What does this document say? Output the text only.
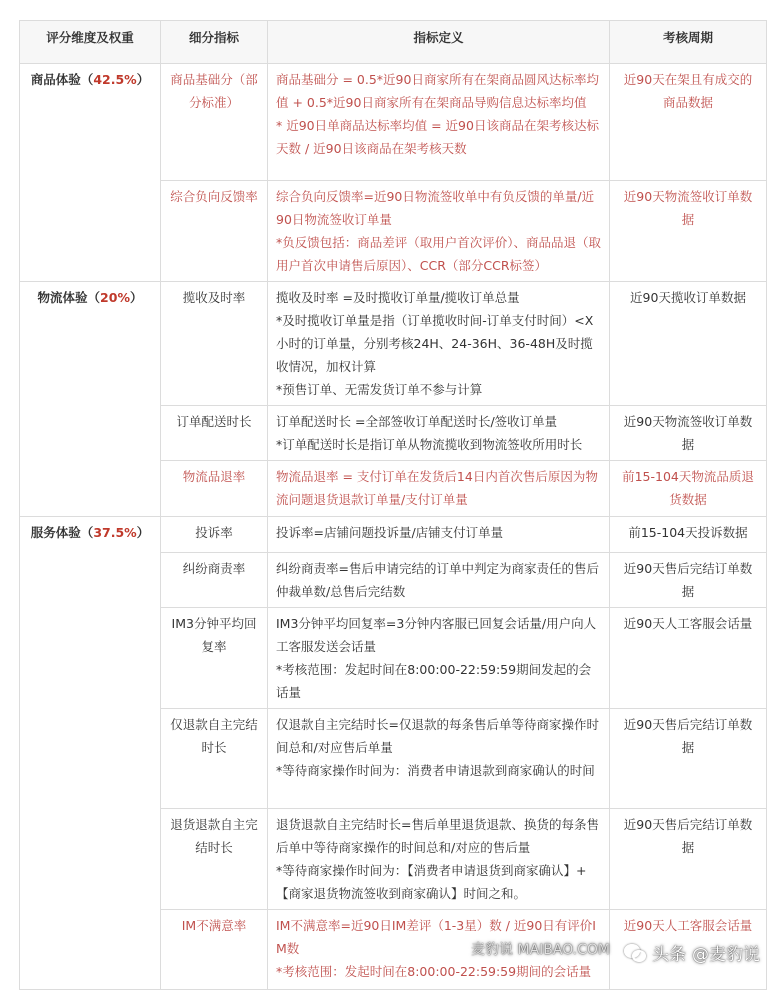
评分维度及权重	细分指标	指标定义	考核周期
商品体验（42.5%）	商品基础分（部分标准）	商品基础分 = 0.5*近90日商家所有在架商品圆风达标率均值 + 0.5*近90日商家所有在架商品导购信息达标率均值

* 近90日单商品达标率均值 = 近90日该商品在架考核达标天数 / 近90日该商品在架考核天数	近90天在架且有成交的商品数据
	综合负向反馈率	综合负向反馈率=近90日物流签收单中有负反馈的单量/近90日物流签收订单量

*负反馈包括：商品差评（取用户首次评价）、商品品退（取用户首次申请售后原因）、CCR（部分CCR标签）	近90天物流签收订单数据
物流体验（20%）	揽收及时率	揽收及时率 =及时揽收订单量/揽收订单总量

*及时揽收订单量是指（订单揽收时间-订单支付时间）<X小时的订单量，分别考核24H、24-36H、36-48H及时揽收情况，加权计算

*预售订单、无需发货订单不参与计算	近90天揽收订单数据
	订单配送时长	订单配送时长 =全部签收订单配送时长/签收订单量

*订单配送时长是指订单从物流揽收到物流签收所用时长	近90天物流签收订单数据
	物流品退率	物流品退率 = 支付订单在发货后14日内首次售后原因为物流问题退货退款订单量/支付订单量	前15-104天物流品质退货数据
服务体验（37.5%）	投诉率	投诉率=店铺问题投诉量/店铺支付订单量	前15-104天投诉数据
	纠纷商责率	纠纷商责率=售后申请完结的订单中判定为商家责任的售后仲裁单数/总售后完结数	近90天售后完结订单数据
	IM3分钟平均回复率	IM3分钟平均回复率=3分钟内客服已回复会话量/用户向人工客服发送会话量

*考核范围：发起时间在8:00:00-22:59:59期间发起的会话量	近90天人工客服会话量
	仅退款自主完结时长	仅退款自主完结时长=仅退款的每条售后单等待商家操作时间总和/对应售后单量

*等待商家操作时间为：消费者申请退款到商家确认的时间	近90天售后完结订单数据
	退货退款自主完结时长	退货退款自主完结时长=售后单里退货退款、换货的每条售后单中等待商家操作的时间总和/对应的售后量

*等待商家操作时间为：【消费者申请退货到商家确认】+【商家退货物流签收到商家确认】时间之和。	近90天售后完结订单数据
	IM不满意率	IM不满意率=近90日IM差评（1-3星）数 / 近90日有评价IM数

*考核范围：发起时间在8:00:00-22:59:59期间的会话量	近90天人工客服会话量
麦豹说 MAIBAO.COM 头条 @麦豹说
